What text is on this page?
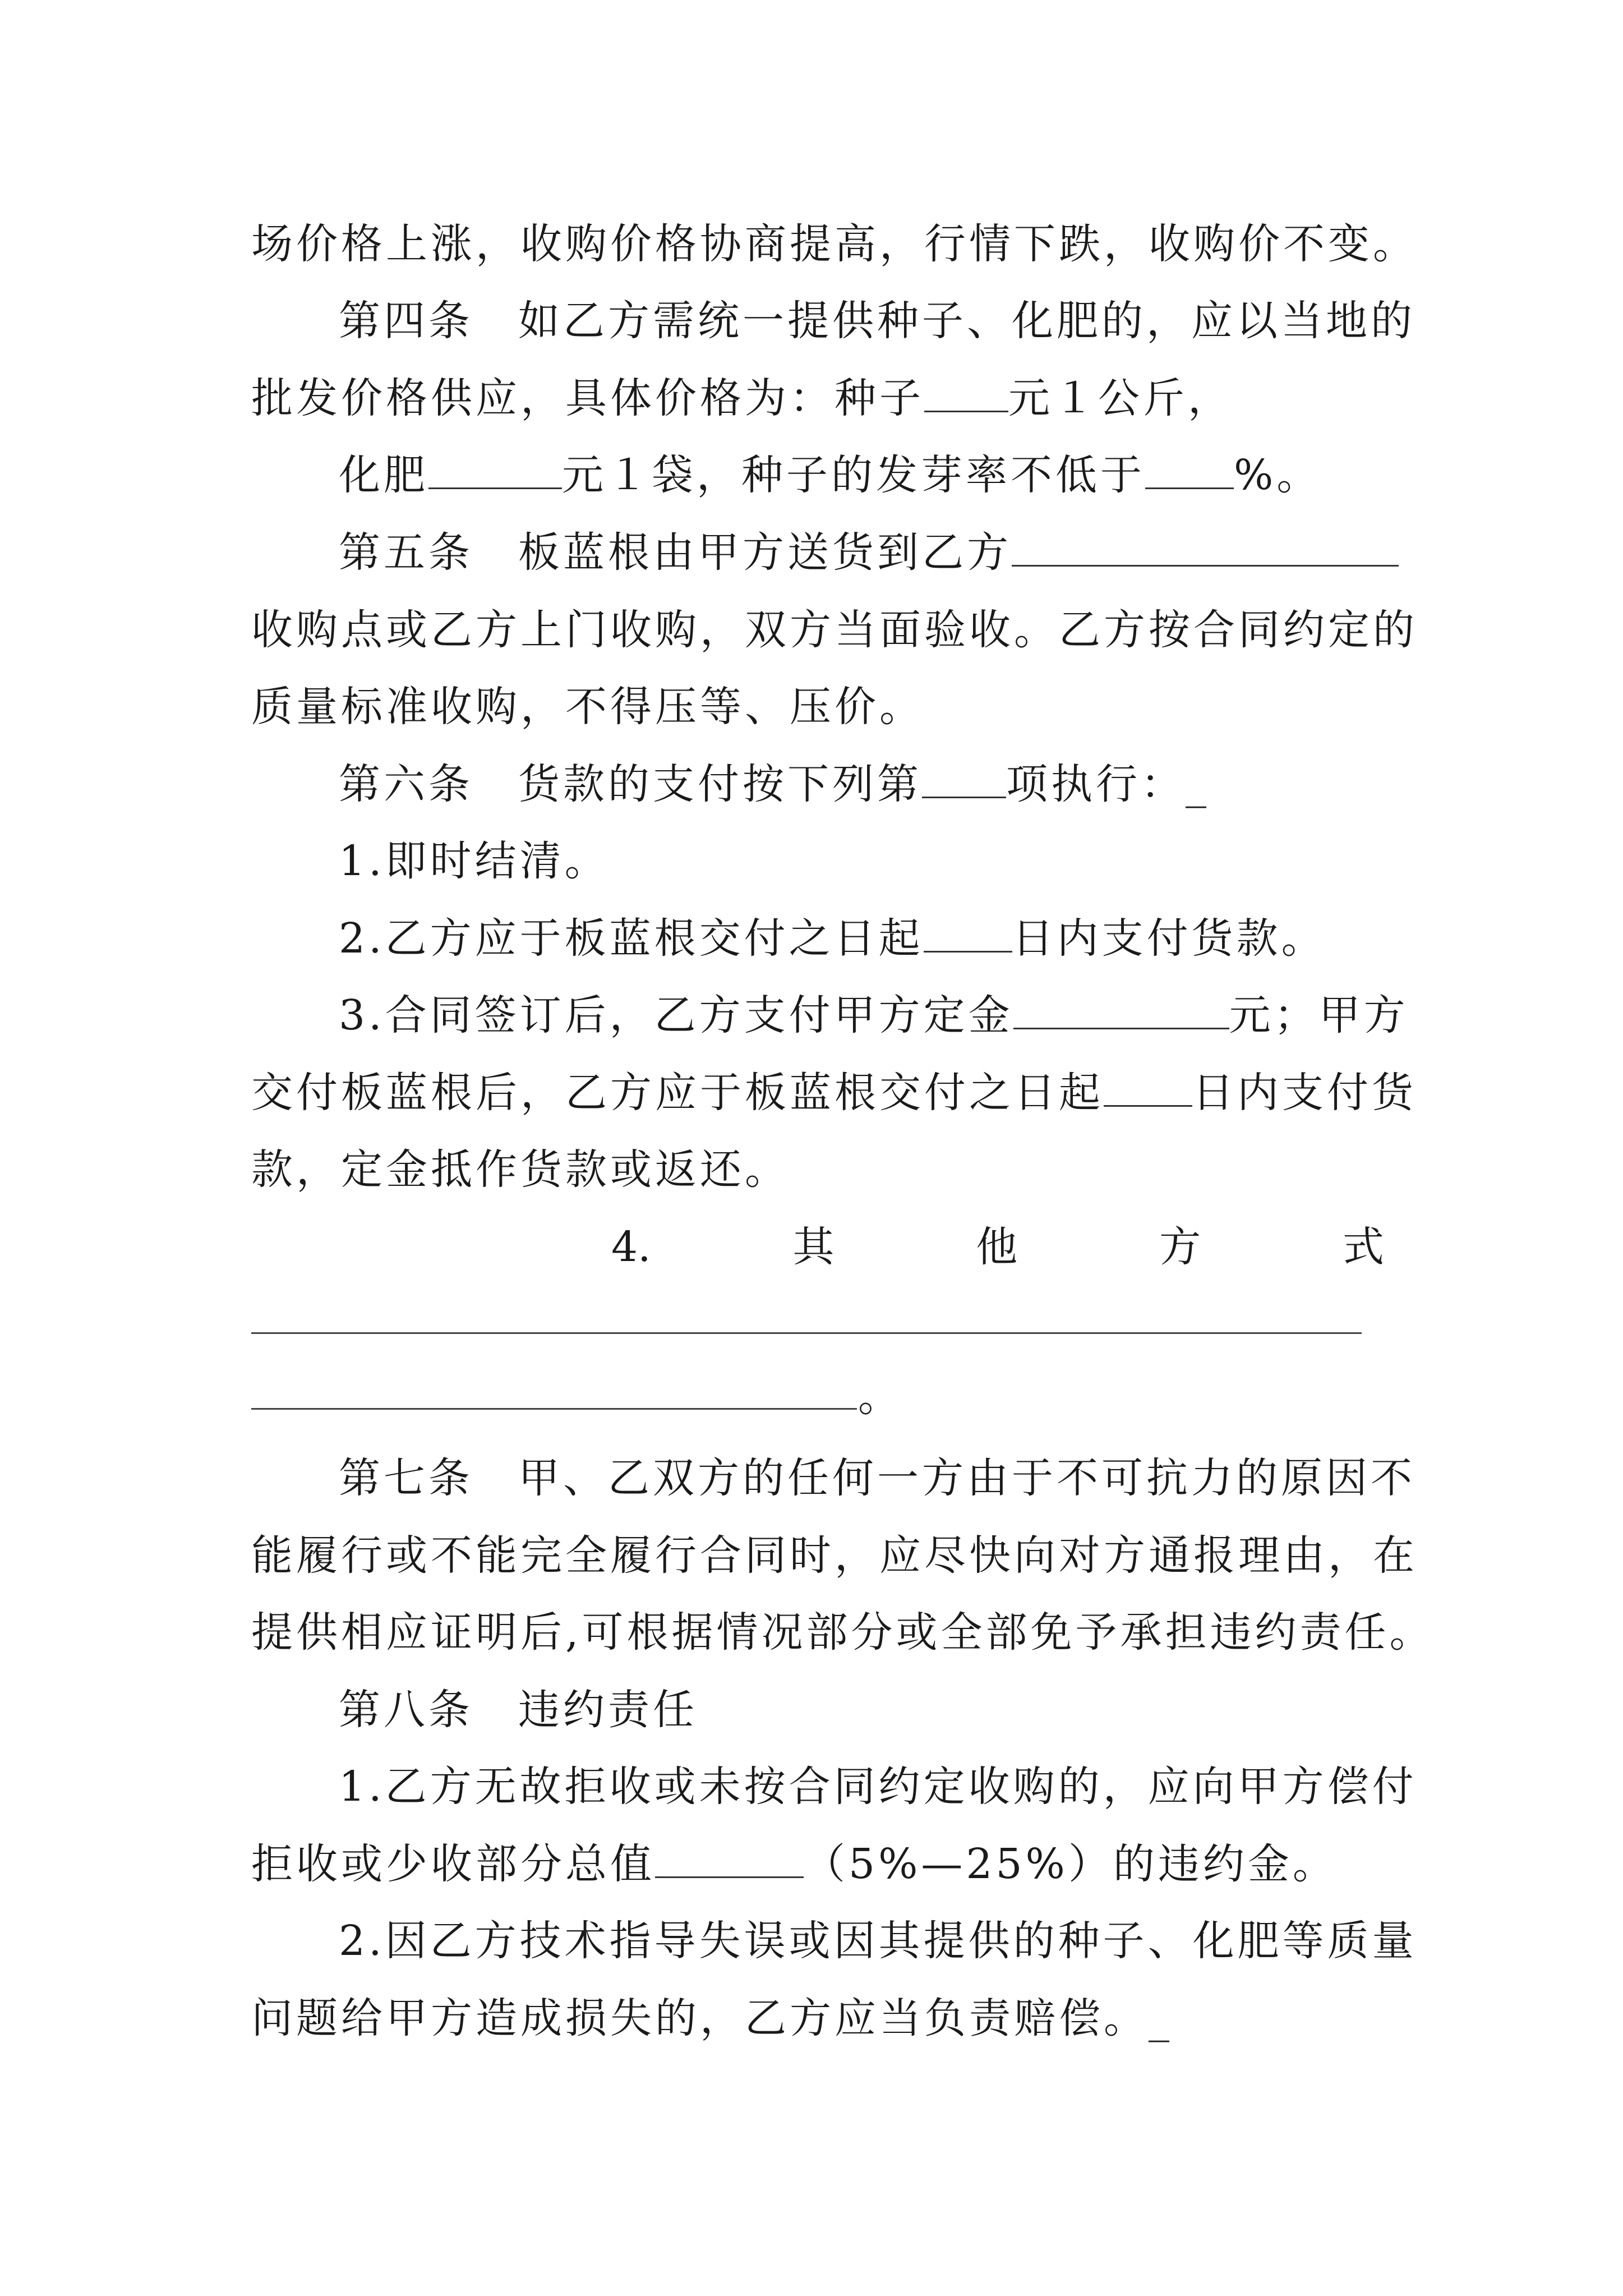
场价格上涨，收购价格协商提高，行情下跌，收购价不变。
第四条　 如乙方需统一提供种子、化肥的，应以当地的
批发价格供应，具体价格为：种子 元１公斤，
化肥	元１袋，种子的发芽率不低于 %。
第五条　 板蓝根由甲方送货到乙方
收购点或乙方上门收购，双方当面验收。乙方按合同约定的
质量标准收购，不得压等、压价。
第六条　 货款的支付按下列第 项执行：_
1.即时结清。
2.乙方应于板蓝根交付之日起 日内支付货款。
3.合同签订后，乙方支付甲方定金	元；甲方
交付板蓝根后，乙方应于板蓝根交付之日起 日内支付货
款，定金抵作货款或返还。
4.	其	他	方	式
。
第七条　 甲、乙双方的任何一方由于不可抗力的原因不
能履行或不能完全履行合同时，应尽快向对方通报理由，在
提供相应证明后,可根据情况部分或全部免予承担违约责任。
第八条　 违约责任
1.乙方无故拒收或未按合同约定收购的，应向甲方偿付
拒收或少收部分总值	（5%—25%）的违约金。
2.因乙方技术指导失误或因其提供的种子、化肥等质量
问题给甲方造成损失的，乙方应当负责赔偿。_
